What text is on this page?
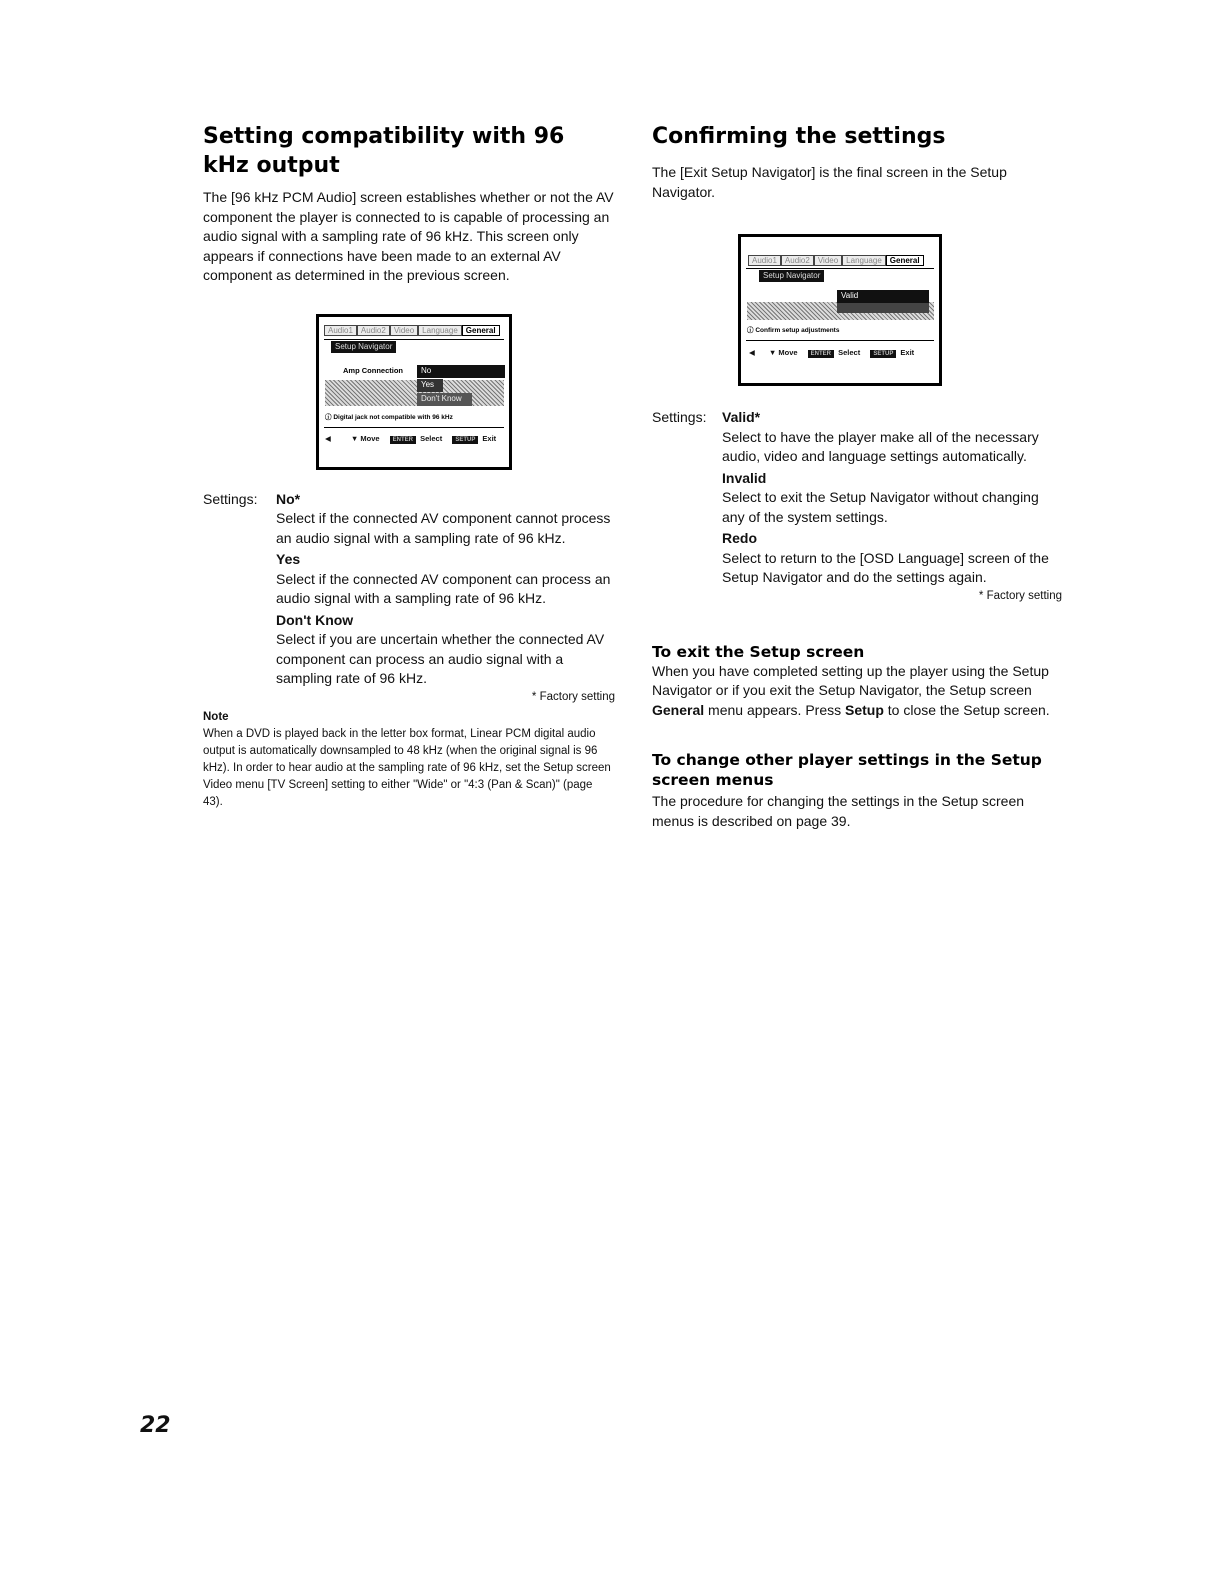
Setting compatibility with 96 kHz output

The [96 kHz PCM Audio] screen establishes whether or not the AV component the player is connected to is capable of processing an audio signal with a sampling rate of 96 kHz. This screen only appears if connections have been made to an external AV component as determined in the previous screen.

Audio1	Audio2	Video	Language	General
Setup Navigator
Amp Connection	No
Yes
Don't Know
ⓘ Digital jack not compatible with 96 kHz
◀	▼ Move ENTER Select SETUP Exit
Settings: No*

Select if the connected AV component cannot process an audio signal with a sampling rate of 96 kHz.

Yes

Select if the connected AV component can process an audio signal with a sampling rate of 96 kHz.

Don't Know

Select if you are uncertain whether the connected AV component can process an audio signal with a sampling rate of 96 kHz.

* Factory setting

Note

When a DVD is played back in the letter box format, Linear PCM digital audio output is automatically downsampled to 48 kHz (when the original signal is 96 kHz). In order to hear audio at the sampling rate of 96 kHz, set the Setup screen Video menu [TV Screen] setting to either "Wide" or "4:3 (Pan & Scan)" (page 43).

Confirming the settings

The [Exit Setup Navigator] is the final screen in the Setup Navigator.

Audio1	Audio2	Video	Language	General
Setup Navigator
Valid
ⓘ Confirm setup adjustments
◀ ▼ Move ENTER Select SETUP Exit
Settings: Valid*

Select to have the player make all of the necessary audio, video and language settings automatically.

Invalid

Select to exit the Setup Navigator without changing any of the system settings.

Redo

Select to return to the [OSD Language] screen of the Setup Navigator and do the settings again.

* Factory setting

To exit the Setup screen

When you have completed setting up the player using the Setup Navigator or if you exit the Setup Navigator, the Setup screen General menu appears. Press Setup to close the Setup screen.

To change other player settings in the Setup screen menus

The procedure for changing the settings in the Setup screen menus is described on page 39.

22
